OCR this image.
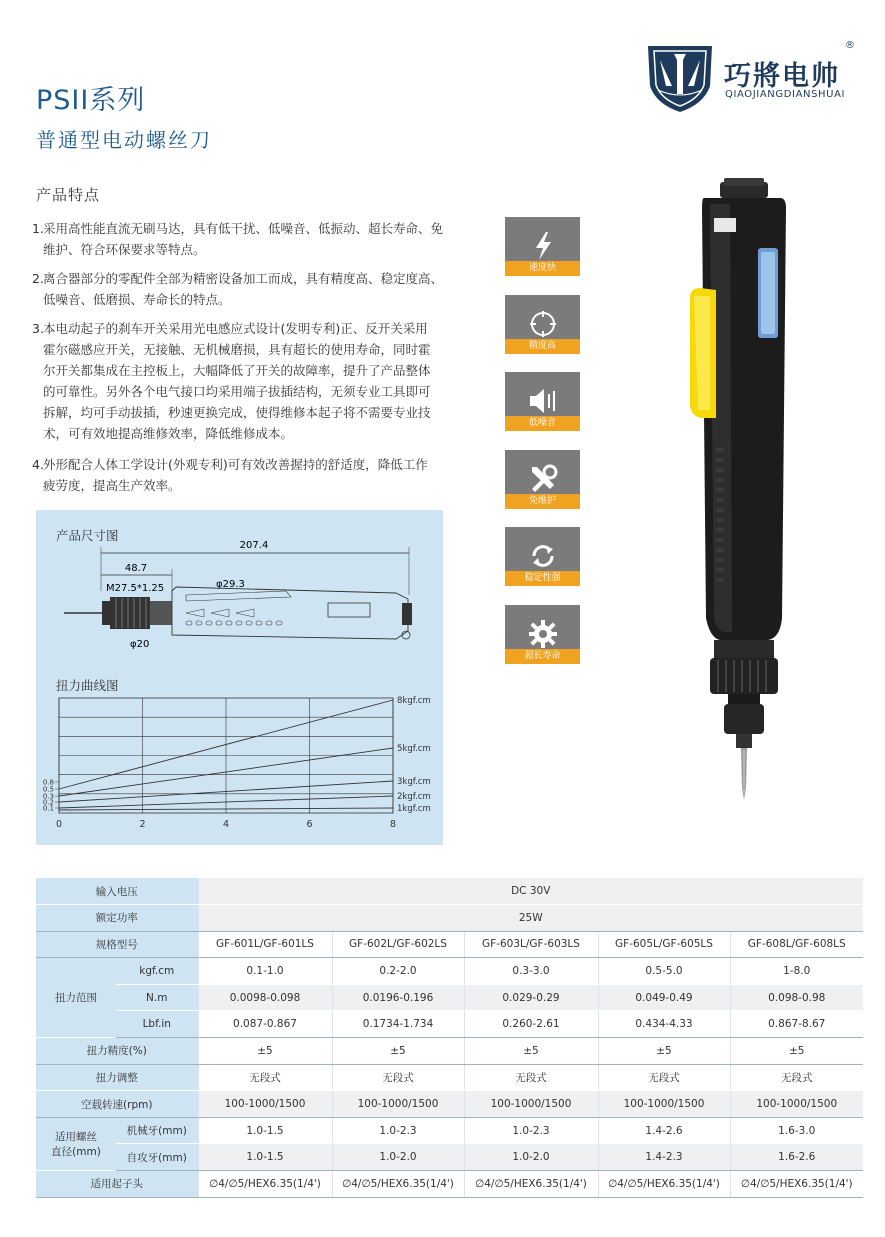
PSII系列
普通型电动螺丝刀
巧將电帅
QIAOJIANGDIANSHUAI
®
产品特点
1. 采用高性能直流无刷马达，具有低干扰、低噪音、低振动、超长寿命、免
维护、符合环保要求等特点。
2. 离合器部分的零配件全部为精密设备加工而成，具有精度高、稳定度高、
低噪音、低磨损、寿命长的特点。
3. 本电动起子的刹车开关采用光电感应式设计(发明专利)正、反开关采用
霍尔磁感应开关，无接触、无机械磨损，具有超长的使用寿命，同时霍
尔开关都集成在主控板上，大幅降低了开关的故障率，提升了产品整体
的可靠性。另外各个电气接口均采用端子拔插结构，无须专业工具即可
拆解，均可手动拔插，秒速更换完成，使得维修本起子将不需要专业技
术，可有效地提高维修效率，降低维修成本。
4. 外形配合人体工学设计(外观专利)可有效改善握持的舒适度，降低工作
疲劳度，提高生产效率。
速度快
精度高
低噪音
免维护
稳定性强
超长寿命
产品尺寸图
207.4
48.7
M27.5*1.25	φ29.3
φ20
扭力曲线图
0	2	4	6	8
0.8
0.5
0.3
0.2
0.1
8kgf.cm
5kgf.cm
3kgf.cm
2kgf.cm
1kgf.cm
输入电压		DC 30V				
额定功率		25W				
规格型号		GF-601L/GF-601LS	GF-602L/GF-602LS	GF-603L/GF-603LS	GF-605L/GF-605LS	GF-608L/GF-608LS
扭力范围	kgf.cm	0.1-1.0	0.2-2.0	0.3-3.0	0.5-5.0	1-8.0
	N.m	0.0098-0.098	0.0196-0.196	0.029-0.29	0.049-0.49	0.098-0.98
	Lbf.in	0.087-0.867	0.1734-1.734	0.260-2.61	0.434-4.33	0.867-8.67
扭力精度(%)		±5	±5	±5	±5	±5
扭力调整		无段式	无段式	无段式	无段式	无段式
空载转速(rpm)		100-1000/1500	100-1000/1500	100-1000/1500	100-1000/1500	100-1000/1500

适用螺丝
直径(mm)	机械牙(mm)	1.0-1.5	1.0-2.3	1.0-2.3	1.4-2.6	1.6-3.0
	自攻牙(mm)	1.0-1.5	1.0-2.0	1.0-2.0	1.4-2.3	1.6-2.6
适用起子头		∅4/∅5/HEX6.35(1/4')	∅4/∅5/HEX6.35(1/4')	∅4/∅5/HEX6.35(1/4')	∅4/∅5/HEX6.35(1/4')	∅4/∅5/HEX6.35(1/4')
